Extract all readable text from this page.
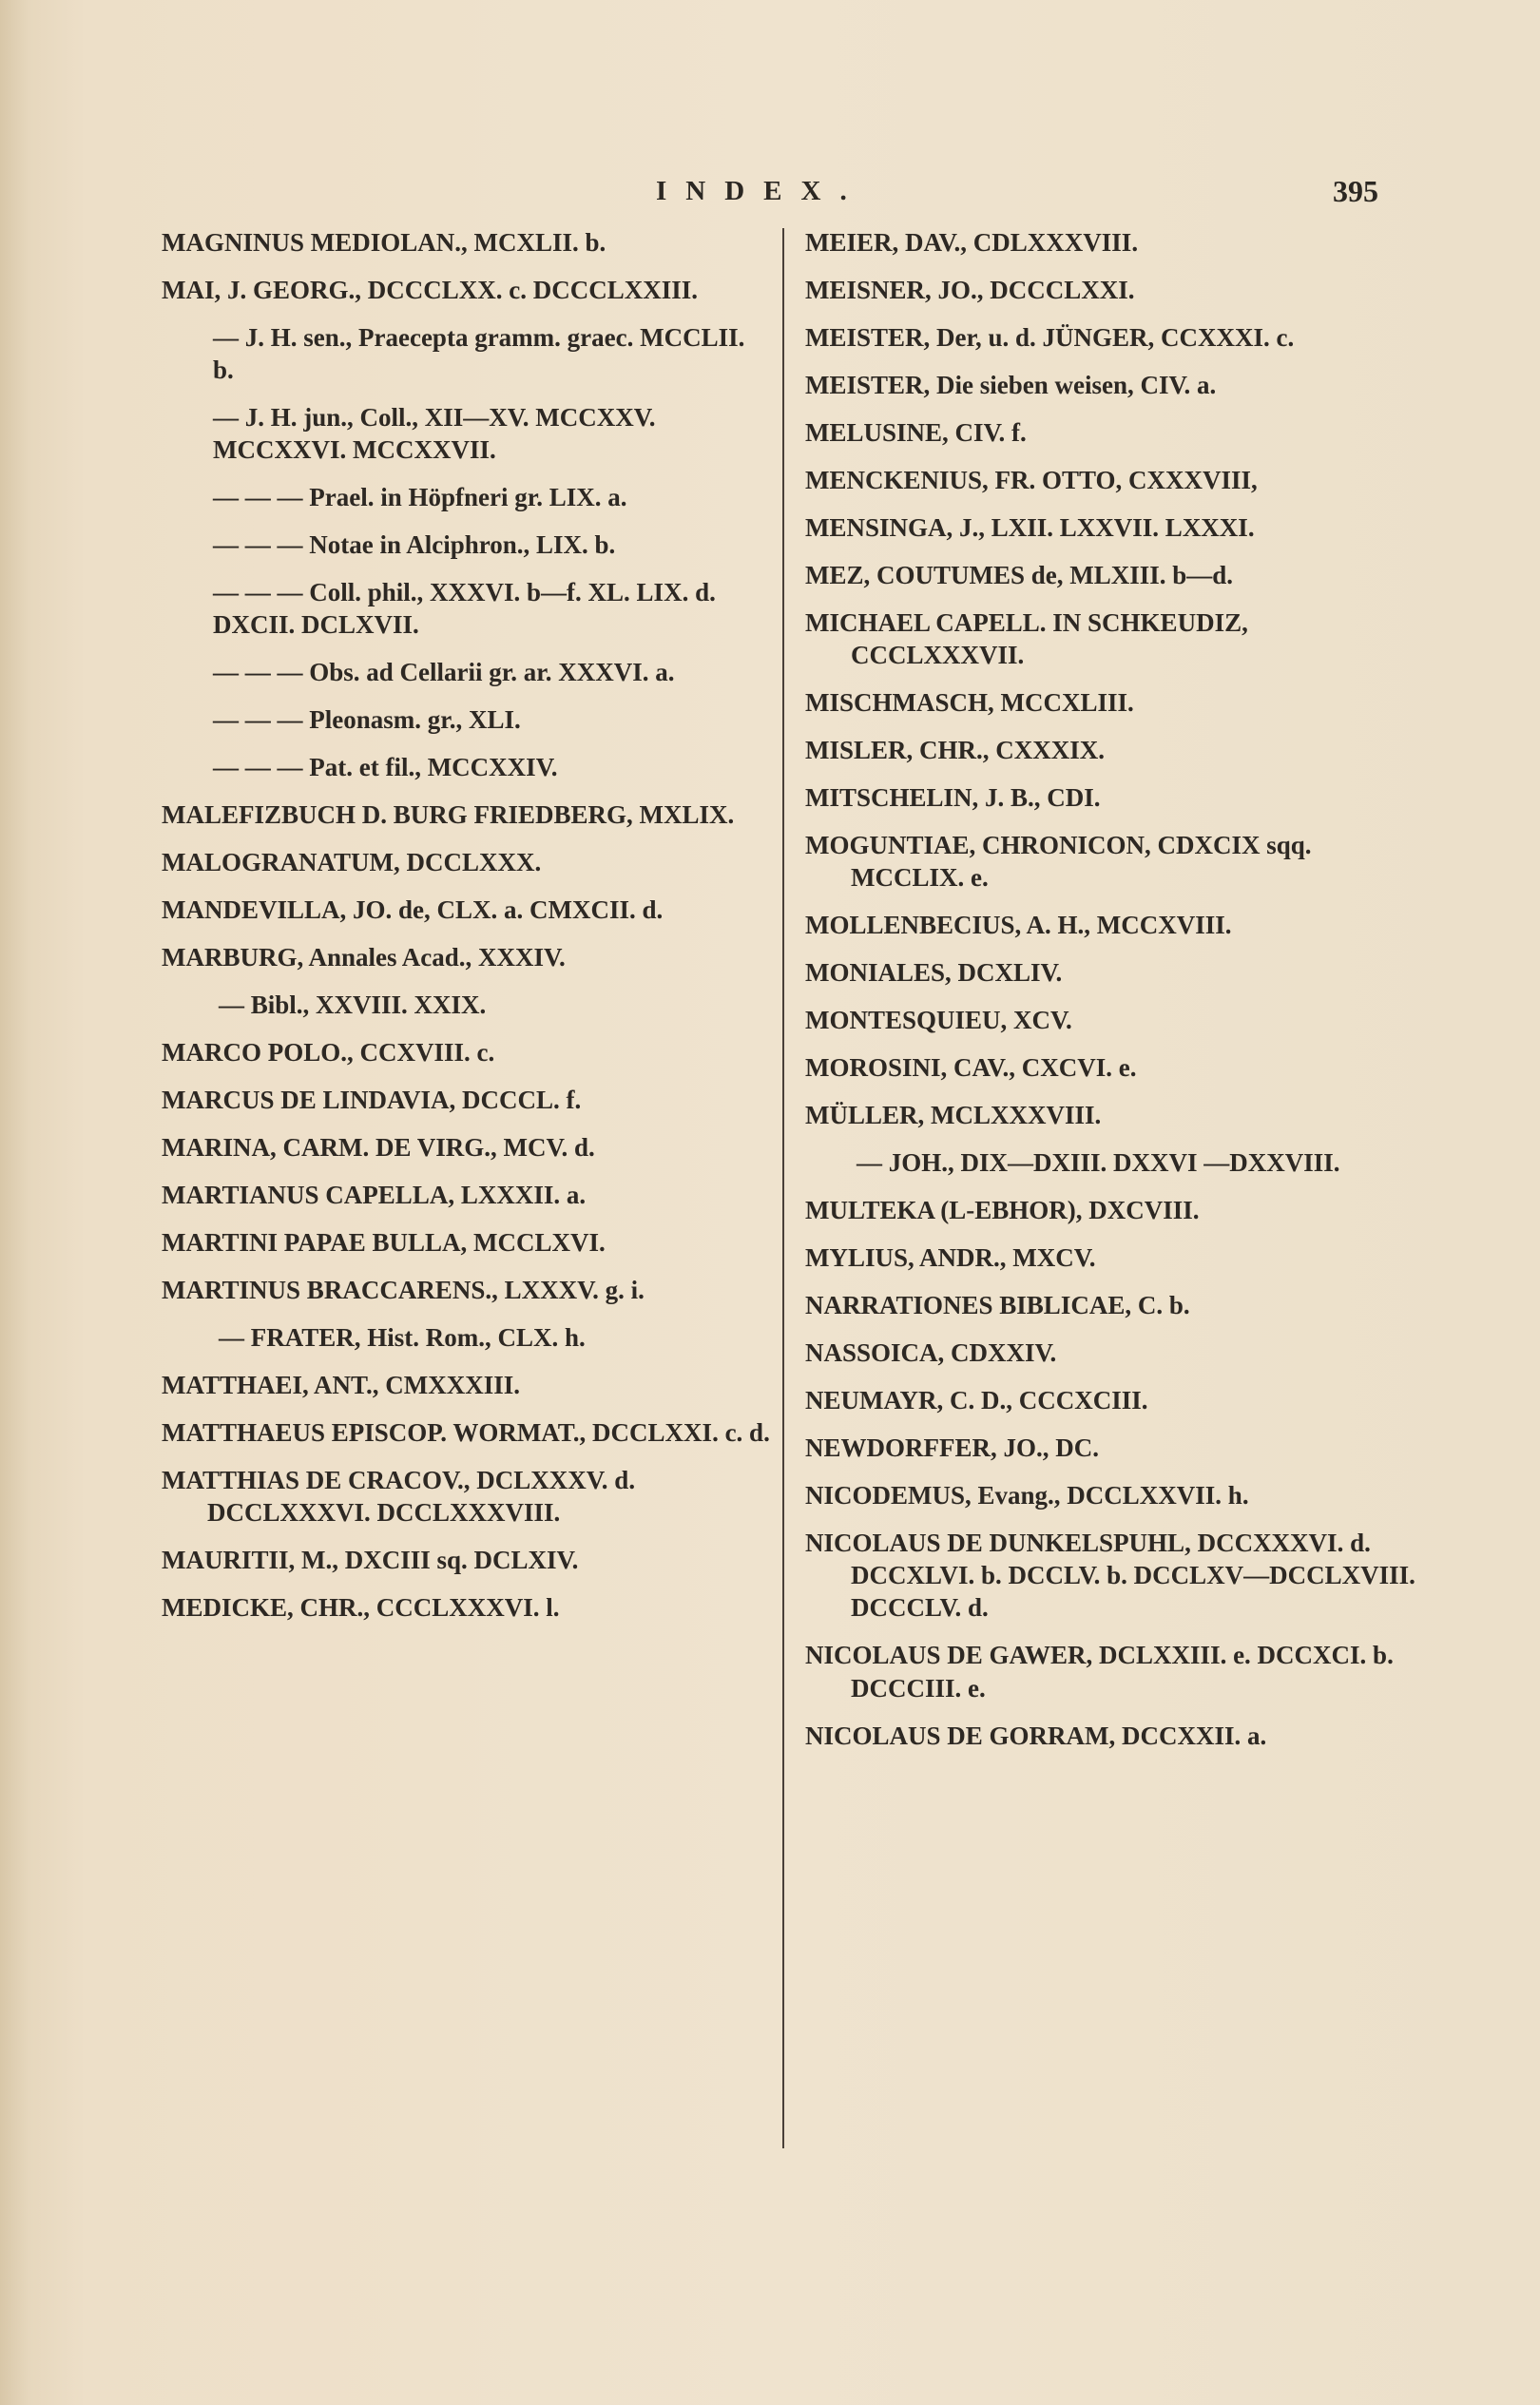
INDEX.	395

MAGNINUS MEDIOLAN., MCXLII. b.

MAI, J. GEORG., DCCCLXX. c. DCCCLXXIII.

— J. H. sen., Praecepta gramm. graec. MCCLII. b.

— J. H. jun., Coll., XII—XV. MCCXXV. MCCXXVI. MCCXXVII.

— — — Prael. in Höpfneri gr. LIX. a.

— — — Notae in Alciphron., LIX. b.

— — — Coll. phil., XXXVI. b—f. XL. LIX. d. DXCII. DCLXVII.

— — — Obs. ad Cellarii gr. ar. XXXVI. a.

— — — Pleonasm. gr., XLI.

— — — Pat. et fil., MCCXXIV.

MALEFIZBUCH D. BURG FRIEDBERG, MXLIX.

MALOGRANATUM, DCCLXXX.

MANDEVILLA, JO. de, CLX. a. CMXCII. d.

MARBURG, Annales Acad., XXXIV.

— Bibl., XXVIII. XXIX.

MARCO POLO., CCXVIII. c.

MARCUS DE LINDAVIA, DCCCL. f.

MARINA, CARM. DE VIRG., MCV. d.

MARTIANUS CAPELLA, LXXXII. a.

MARTINI PAPAE BULLA, MCCLXVI.

MARTINUS BRACCARENS., LXXXV. g. i.

— FRATER, Hist. Rom., CLX. h.

MATTHAEI, ANT., CMXXXIII.

MATTHAEUS EPISCOP. WORMAT., DCCLXXI. c. d.

MATTHIAS DE CRACOV., DCLXXXV. d. DCCLXXXVI. DCCLXXXVIII.

MAURITII, M., DXCIII sq. DCLXIV.

MEDICKE, CHR., CCCLXXXVI. l.

MEIER, DAV., CDLXXXVIII.

MEISNER, JO., DCCCLXXI.

MEISTER, Der, u. d. JÜNGER, CCXXXI. c.

MEISTER, Die sieben weisen, CIV. a.

MELUSINE, CIV. f.

MENCKENIUS, FR. OTTO, CXXXVIII,

MENSINGA, J., LXII. LXXVII. LXXXI.

MEZ, COUTUMES de, MLXIII. b—d.

MICHAEL CAPELL. IN SCHKEUDIZ, CCCLXXXVII.

MISCHMASCH, MCCXLIII.

MISLER, CHR., CXXXIX.

MITSCHELIN, J. B., CDI.

MOGUNTIAE, CHRONICON, CDXCIX sqq. MCCLIX. e.

MOLLENBECIUS, A. H., MCCXVIII.

MONIALES, DCXLIV.

MONTESQUIEU, XCV.

MOROSINI, CAV., CXCVI. e.

MÜLLER, MCLXXXVIII.

— JOH., DIX—DXIII. DXXVI —DXXVIII.

MULTEKA (L-EBHOR), DXCVIII.

MYLIUS, ANDR., MXCV.

NARRATIONES BIBLICAE, C. b.

NASSOICA, CDXXIV.

NEUMAYR, C. D., CCCXCIII.

NEWDORFFER, JO., DC.

NICODEMUS, Evang., DCCLXXVII. h.

NICOLAUS DE DUNKELSPUHL, DCCXXXVI. d. DCCXLVI. b. DCCLV. b. DCCLXV—DCCLXVIII. DCCCLV. d.

NICOLAUS DE GAWER, DCLXXIII. e. DCCXCI. b. DCCCIII. e.

NICOLAUS DE GORRAM, DCCXXII. a.
